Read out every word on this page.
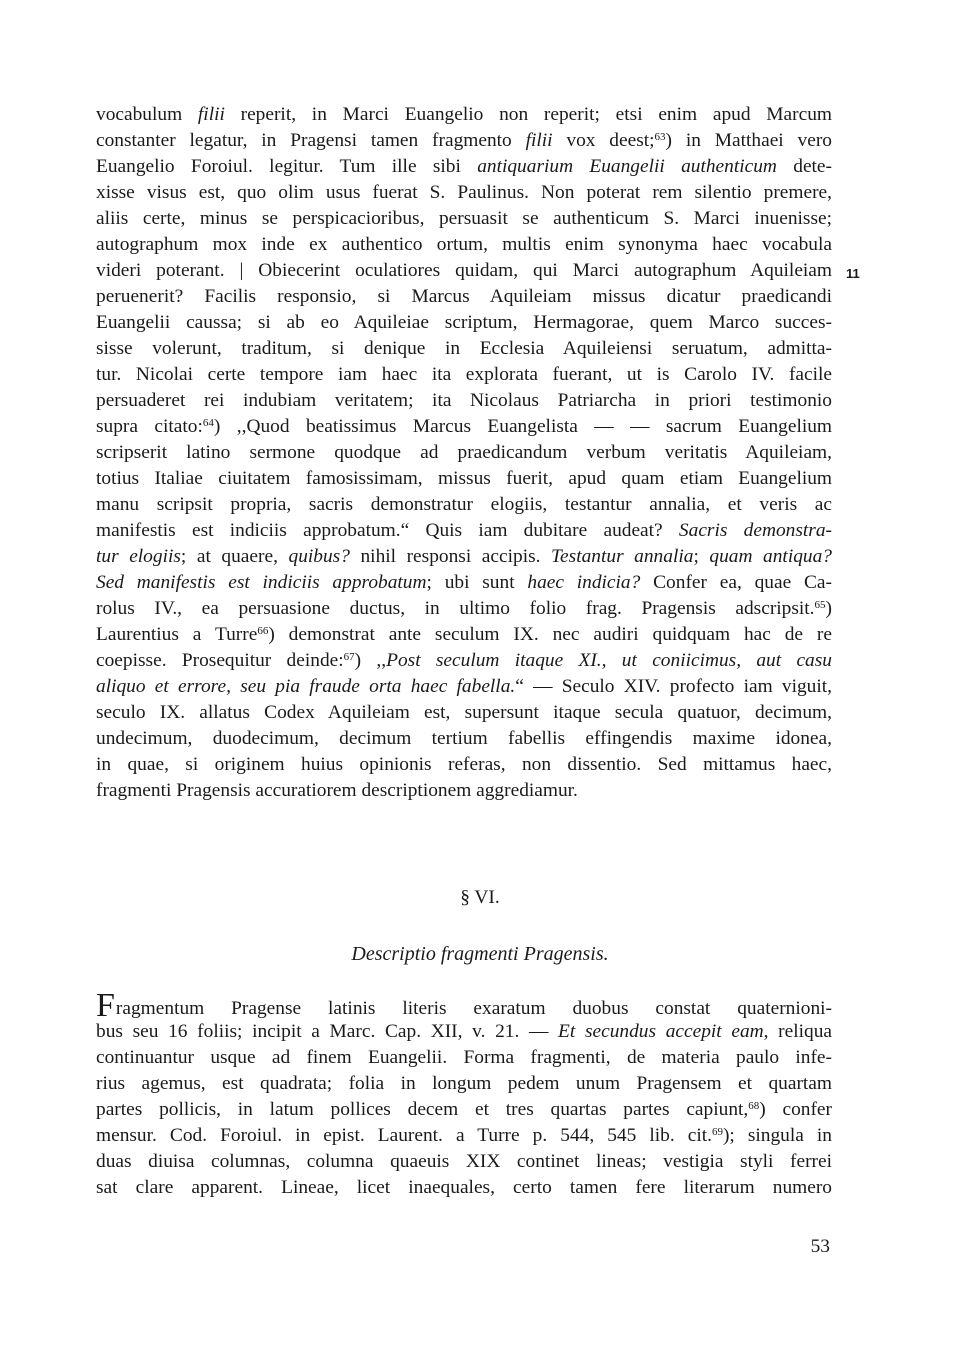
vocabulum filii reperit, in Marci Euangelio non reperit; etsi enim apud Marcum
constanter legatur, in Pragensi tamen fragmento filii vox deest;$^{63}$) in Matthaei vero
Euangelio Foroiul. legitur. Tum ille sibi antiquarium Euangelii authenticum dete-
xisse visus est, quo olim usus fuerat S. Paulinus. Non poterat rem silentio premere,
aliis certe, minus se perspicacioribus, persuasit se authenticum S. Marci inuenisse;
autographum mox inde ex authentico ortum, multis enim synonyma haec vocabula
videri poterant. | Obiecerint oculatiores quidam, qui Marci autographum Aquileiam
peruenerit? Facilis responsio, si Marcus Aquileiam missus dicatur praedicandi
Euangelii caussa; si ab eo Aquileiae scriptum, Hermagorae, quem Marco succes-
sisse volerunt, traditum, si denique in Ecclesia Aquileiensi seruatum, admitta-
tur. Nicolai certe tempore iam haec ita explorata fuerant, ut is Carolo IV. facile
persuaderet rei indubiam veritatem; ita Nicolaus Patriarcha in priori testimonio
supra citato:$^{64}$) ,,Quod beatissimus Marcus Euangelista — — sacrum Euangelium
scripserit latino sermone quodque ad praedicandum verbum veritatis Aquileiam,
totius Italiae ciuitatem famosissimam, missus fuerit, apud quam etiam Euangelium
manu scripsit propria, sacris demonstratur elogiis, testantur annalia, et veris ac
manifestis est indiciis approbatum.“ Quis iam dubitare audeat? Sacris demonstra-
tur elogiis; at quaere, quibus? nihil responsi accipis. Testantur annalia; quam antiqua?
Sed manifestis est indiciis approbatum; ubi sunt haec indicia? Confer ea, quae Ca-
rolus IV., ea persuasione ductus, in ultimo folio frag. Pragensis adscripsit.$^{65}$)
Laurentius a Turre$^{66}$) demonstrat ante seculum IX. nec audiri quidquam hac de re
coepisse. Prosequitur deinde:$^{67}$) ,,Post seculum itaque XI., ut coniicimus, aut casu
aliquo et errore, seu pia fraude orta haec fabella.“ — Seculo XIV. profecto iam viguit,
seculo IX. allatus Codex Aquileiam est, supersunt itaque secula quatuor, decimum,
undecimum, duodecimum, decimum tertium fabellis effingendis maxime idonea,
in quae, si originem huius opinionis referas, non dissentio. Sed mittamus haec,
fragmenti Pragensis accuratiorem descriptionem aggrediamur.
11
§ VI.
Descriptio fragmenti Pragensis.
Fragmentum Pragense latinis literis exaratum duobus constat quaternioni-
bus seu 16 foliis; incipit a Marc. Cap. XII, v. 21. — Et secundus accepit eam, reliqua
continuantur usque ad finem Euangelii. Forma fragmenti, de materia paulo infe-
rius agemus, est quadrata; folia in longum pedem unum Pragensem et quartam
partes pollicis, in latum pollices decem et tres quartas partes capiunt,$^{68}$) confer
mensur. Cod. Foroiul. in epist. Laurent. a Turre p. 544, 545 lib. cit.$^{69}$); singula in
duas diuisa columnas, columna quaeuis XIX continet lineas; vestigia styli ferrei
sat clare apparent. Lineae, licet inaequales, certo tamen fere literarum numero
53
